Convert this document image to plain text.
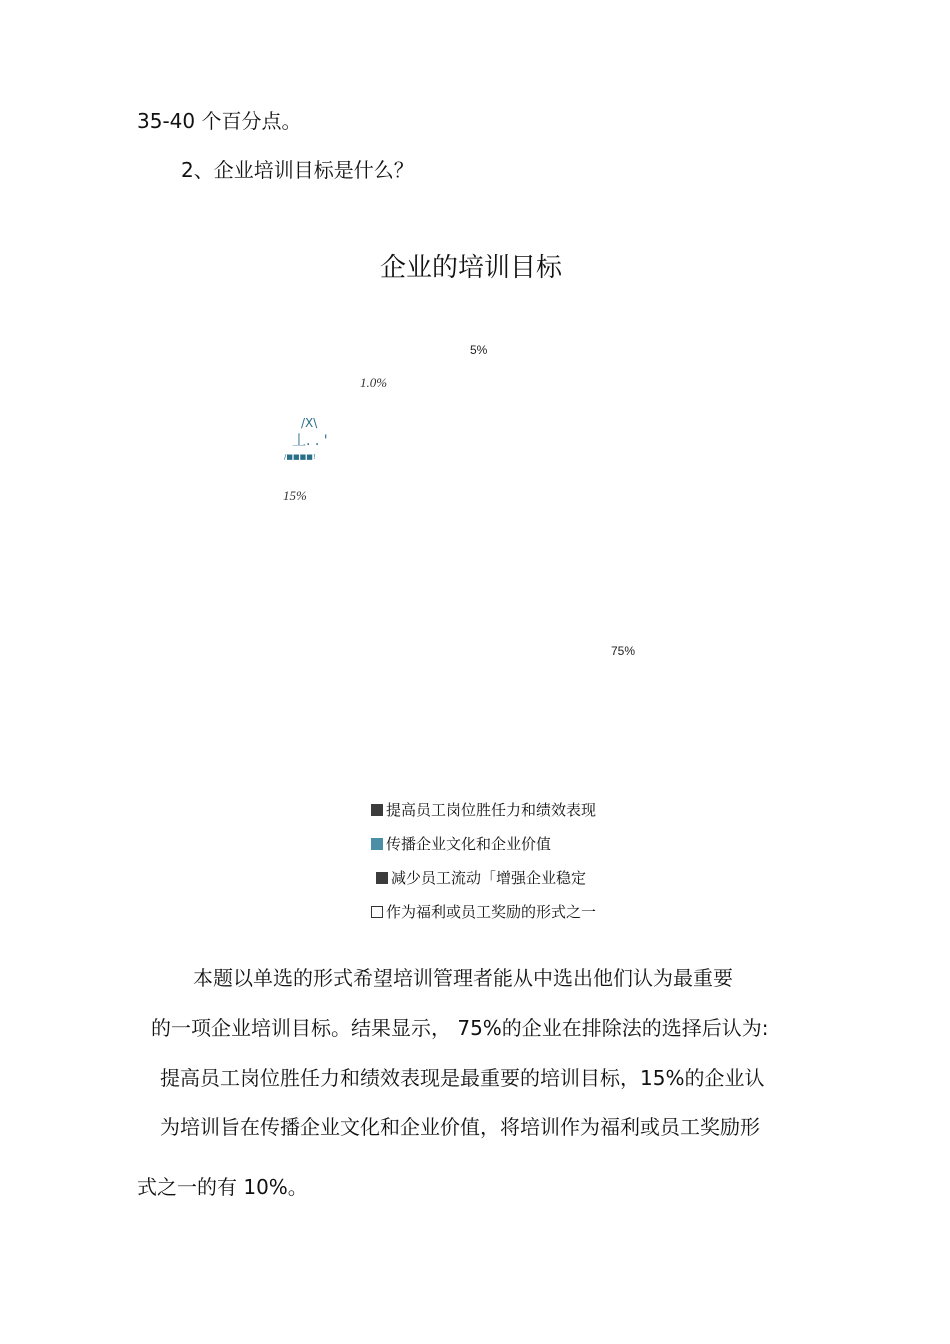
35-40 个百分点。
2、企业培训目标是什么？
企业的培训目标
5%
1.0%
15%
75%
/X\
丄. . '
/■■■■!
提高员工岗位胜任力和绩效表现
传播企业文化和企业价值
减少员工流动「增强企业稳定
作为福利或员工奖励的形式之一
本题以单选的形式希望培训管理者能从中选出他们认为最重要
的一项企业培训目标。结果显示， 75%的企业在排除法的选择后认为:
提高员工岗位胜任力和绩效表现是最重要的培训目标，15%的企业认
为培训旨在传播企业文化和企业价值，将培训作为福利或员工奖励形
式之一的有 10%。
